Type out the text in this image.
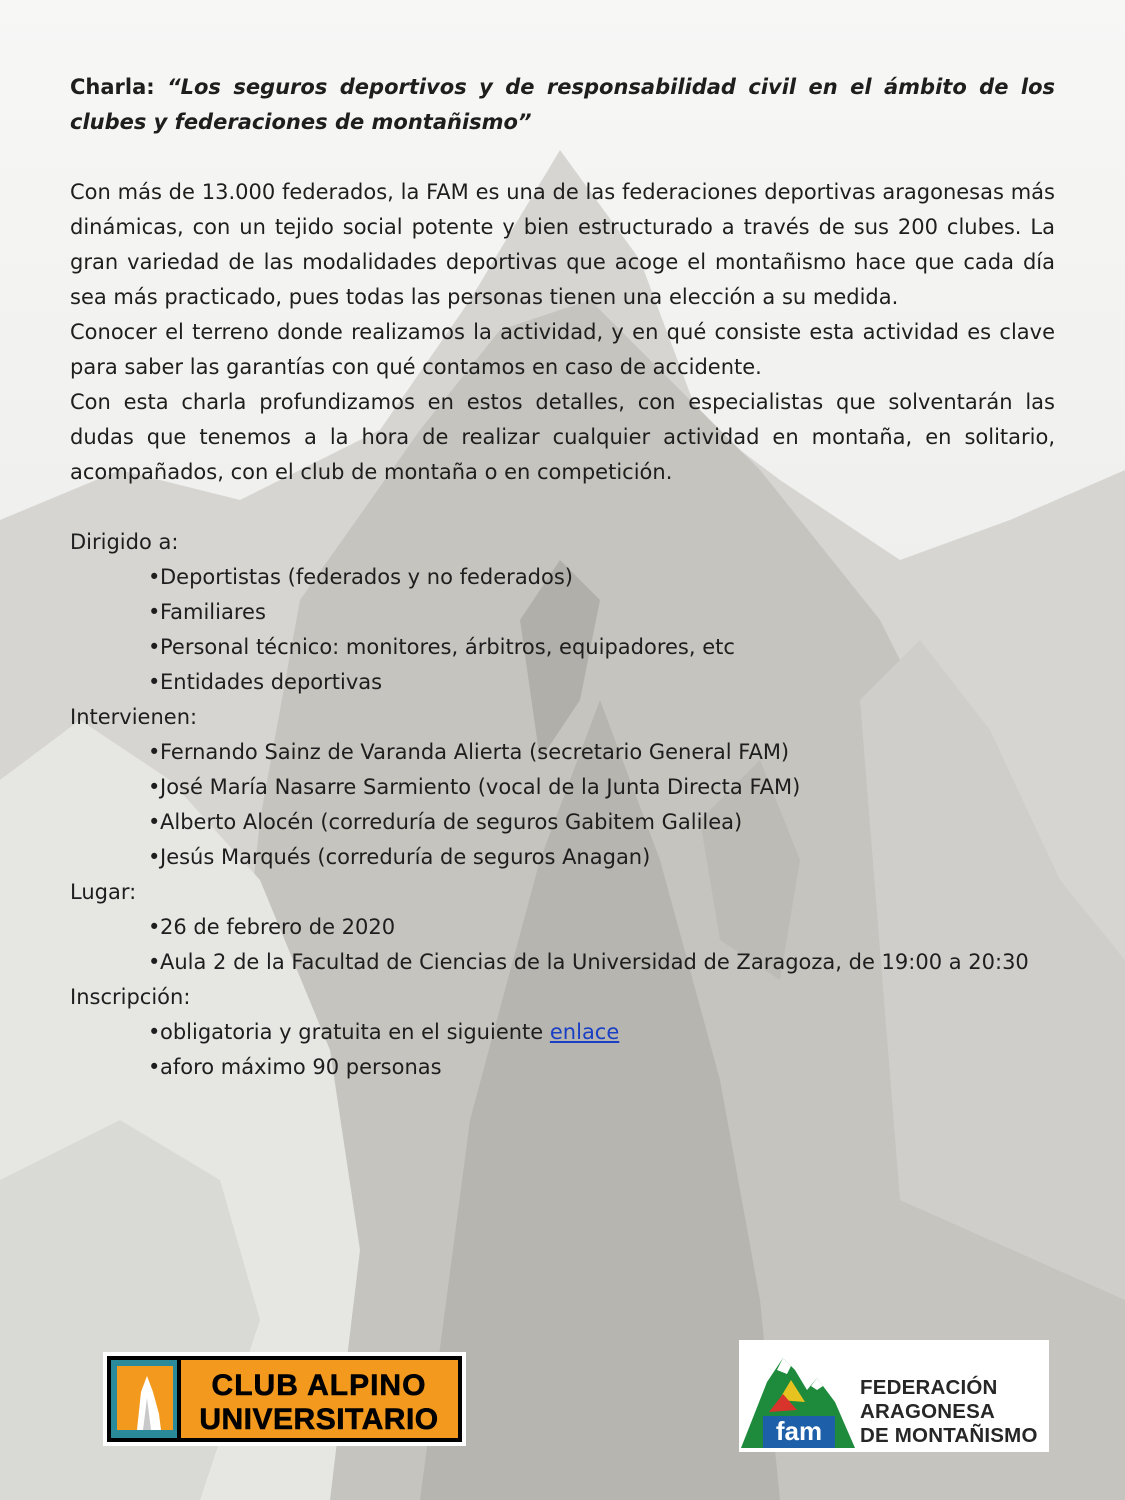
Charla: “Los seguros deportivos y de responsabilidad civil en el ámbito de los clubes y federaciones de montañismo”

Con más de 13.000 federados, la FAM es una de las federaciones deportivas aragonesas más dinámicas, con un tejido social potente y bien estructurado a través de sus 200 clubes. La gran variedad de las modalidades deportivas que acoge el montañismo hace que cada día sea más practicado, pues todas las personas tienen una elección a su medida.

Conocer el terreno donde realizamos la actividad, y en qué consiste esta actividad es clave para saber las garantías con qué contamos en caso de accidente.

Con esta charla profundizamos en estos detalles, con especialistas que solventarán las dudas que tenemos a la hora de realizar cualquier actividad en montaña, en solitario, acompañados, con el club de montaña o en competición.

Dirigido a:

•Deportistas (federados y no federados)
•Familiares
•Personal técnico: monitores, árbitros, equipadores, etc
•Entidades deportivas

Intervienen:

•Fernando Sainz de Varanda Alierta (secretario General FAM)
•José María Nasarre Sarmiento (vocal de la Junta Directa FAM)
•Alberto Alocén (correduría de seguros Gabitem Galilea)
•Jesús Marqués (correduría de seguros Anagan)

Lugar:

•26 de febrero de 2020
•Aula 2 de la Facultad de Ciencias de la Universidad de Zaragoza, de 19:00 a 20:30

Inscripción:

•obligatoria y gratuita en el siguiente enlace
•aforo máximo 90 personas
CLUB ALPINO
UNIVERSITARIO	fam
FEDERACIÓN
ARAGONESA
DE MONTAÑISMO
